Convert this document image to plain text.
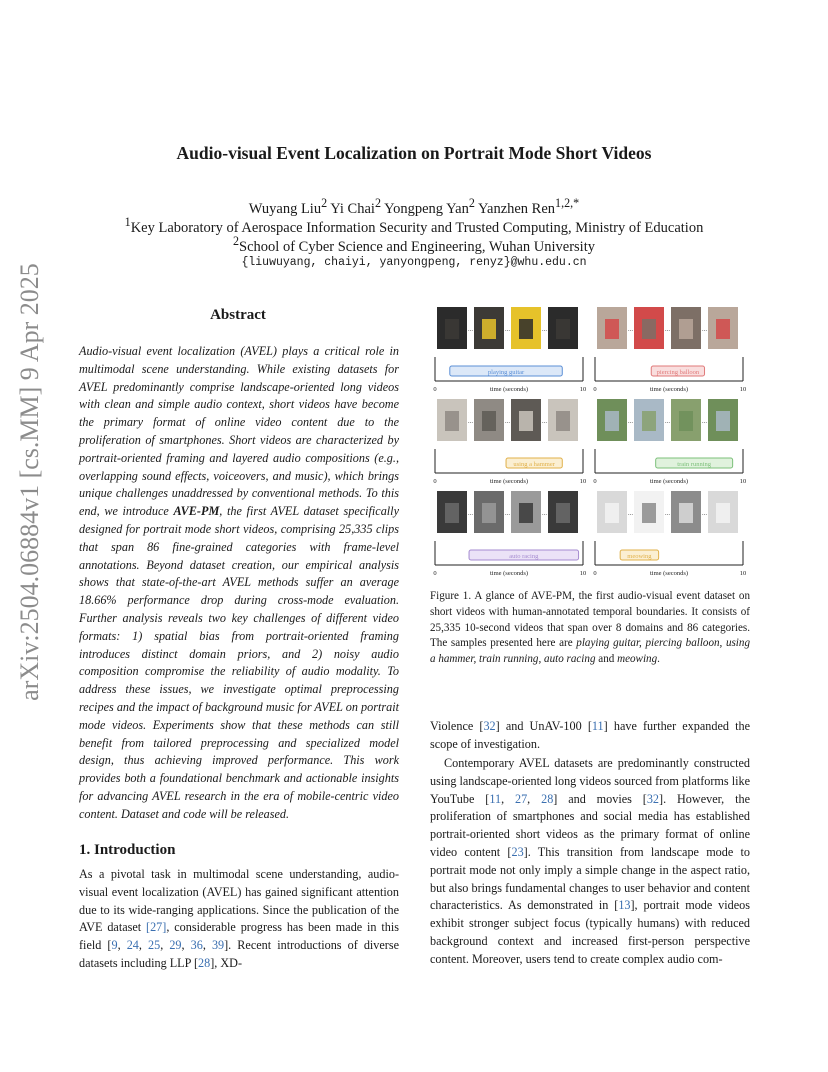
arXiv:2504.06884v1 [cs.MM] 9 Apr 2025
Audio-visual Event Localization on Portrait Mode Short Videos
Wuyang Liu$^2$ Yi Chai$^2$ Yongpeng Yan$^2$ Yanzhen Ren$^{1,2,*}$
$^1$Key Laboratory of Aerospace Information Security and Trusted Computing, Ministry of Education
$^2$School of Cyber Science and Engineering, Wuhan University
{liuwuyang, chaiyi, yanyongpeng, renyz}@whu.edu.cn
Abstract
Audio-visual event localization (AVEL) plays a critical role in multimodal scene understanding. While existing datasets for AVEL predominantly comprise landscape-oriented long videos with clean and simple audio context, short videos have become the primary format of online video content due to the proliferation of smartphones. Short videos are characterized by portrait-oriented framing and layered audio compositions (e.g., overlapping sound effects, voiceovers, and music), which brings unique challenges unaddressed by conventional methods. To this end, we introduce AVE-PM, the first AVEL dataset specifically designed for portrait mode short videos, comprising 25,335 clips that span 86 fine-grained categories with frame-level annotations. Beyond dataset creation, our empirical analysis shows that state-of-the-art AVEL methods suffer an average 18.66% performance drop during cross-mode evaluation. Further analysis reveals two key challenges of different video formats: 1) spatial bias from portrait-oriented framing introduces distinct domain priors, and 2) noisy audio composition compromise the reliability of audio modality. To address these issues, we investigate optimal preprocessing recipes and the impact of background music for AVEL on portrait mode videos. Experiments show that these methods can still benefit from tailored preprocessing and specialized model design, thus achieving improved performance. This work provides both a foundational benchmark and actionable insights for advancing AVEL research in the era of mobile-centric video content. Dataset and code will be released.
1. Introduction
As a pivotal task in multimodal scene understanding, audio-visual event localization (AVEL) has gained significant attention due to its wide-ranging applications. Since the publication of the AVE dataset [27], considerable progress has been made in this field [9, 24, 25, 29, 36, 39]. Recent introductions of diverse datasets including LLP [28], XD-
...	...	...
playing guitar
0	10
time (seconds)
...	...	...
piercing balloon
0	10
time (seconds)
...	...	...
using a hammer
0	10
time (seconds)
...	...	...
train running
0	10
time (seconds)
...	...	...
auto racing
0	10
time (seconds)
...	...	...
meowing
0	10
time (seconds)
Figure 1. A glance of AVE-PM, the first audio-visual event dataset on short videos with human-annotated temporal boundaries. It consists of 25,335 10-second videos that span over 8 domains and 86 categories. The samples presented here are playing guitar, piercing balloon, using a hammer, train running, auto racing and meowing.
Violence [32] and UnAV-100 [11] have further expanded the scope of investigation.
Contemporary AVEL datasets are predominantly constructed using landscape-oriented long videos sourced from platforms like YouTube [11, 27, 28] and movies [32]. However, the proliferation of smartphones and social media has established portrait-oriented short videos as the primary format of online video content [23]. This transition from landscape mode to portrait mode not only imply a simple change in the aspect ratio, but also brings fundamental changes to user behavior and content characteristics. As demonstrated in [13], portrait mode videos exhibit stronger subject focus (typically humans) with reduced background context and increased first-person perspective content. Moreover, users tend to create complex audio com-
